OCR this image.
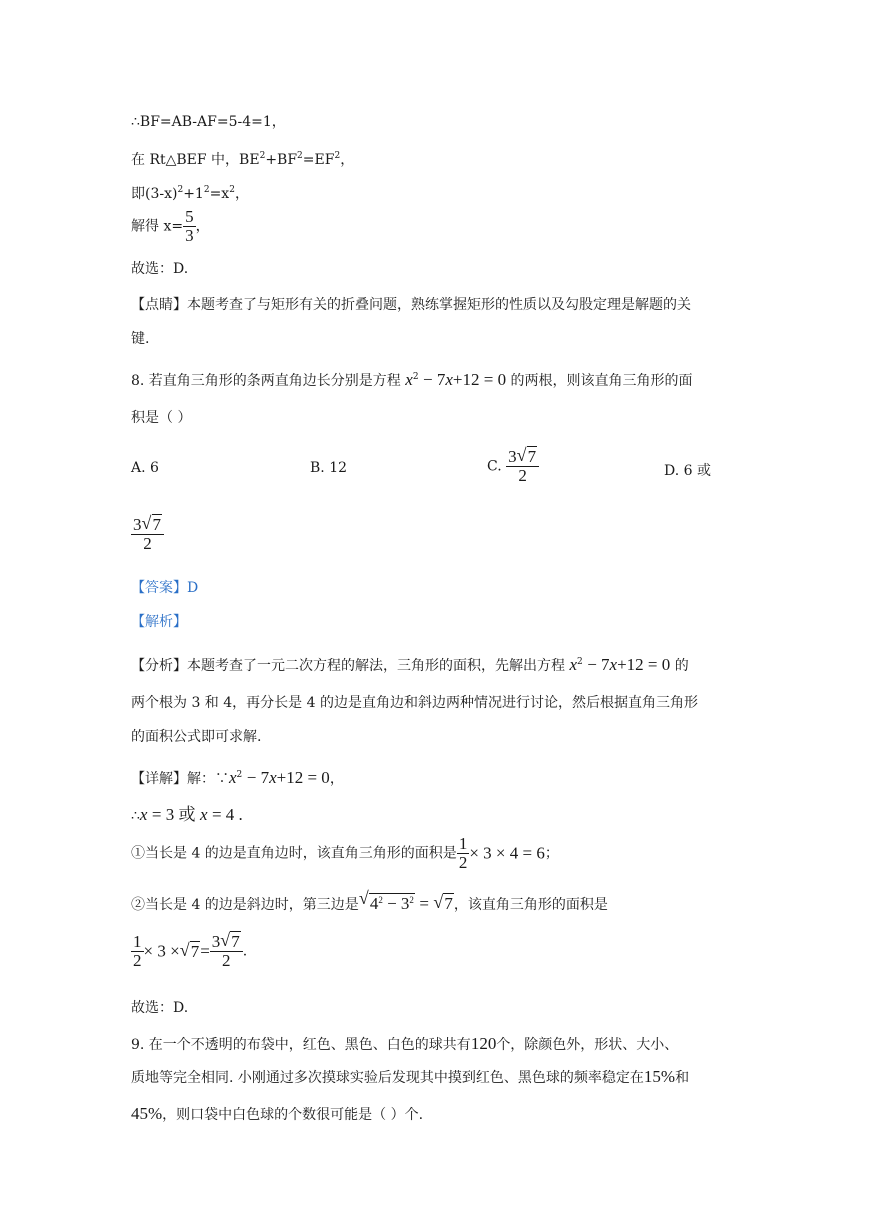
∴BF=AB-AF=5-4=1，
在 Rt△BEF 中，$BE^2+BF^2=EF^2$，
即$(3-x)^2+1^2=x^2$，
解得 $x= \frac{5}{3}$ ，
故选：D.
【点睛】本题考查了与矩形有关的折叠问题，熟练掌握矩形的性质以及勾股定理是解题的关
键.
8. 若直角三角形的条两直角边长分别是方程 $x^2 - 7x+12 = 0$ 的两根，则该直角三角形的面
积是（ ）
A. 6	B. 12	C. $\frac{3 √ 7}{2}$	D. 6 或
$\frac{3 √ 7}{2}$
【答案】D
【解析】
【分析】本题考查了一元二次方程的解法，三角形的面积，先解出方程 $x^2 - 7x+12 = 0$ 的
两个根为 3 和 4，再分长是 4 的边是直角边和斜边两种情况进行讨论，然后根据直角三角形
的面积公式即可求解.
【详解】解：$\because x^2 - 7x+12 = 0$，
∴x = 3 或 x = 4 .
①当长是 4 的边是直角边时，该直角三角形的面积是 $\frac{1}{2} \times 3 \times 4 = 6$；
②当长是 4 的边是斜边时，第三边是 √ $4^2 - 3^2$ = √ 7，该直角三角形的面积是
$\frac{1}{2} \times 3$ × √ $7= \frac{3 √ 7}{2}$ .
故选：D.
9. 在一个不透明的布袋中，红色、黑色、白色的球共有120个，除颜色外，形状、大小、
质地等完全相同. 小刚通过多次摸球实验后发现其中摸到红色、黑色球的频率稳定在15%和
45%，则口袋中白色球的个数很可能是（ ）个.
